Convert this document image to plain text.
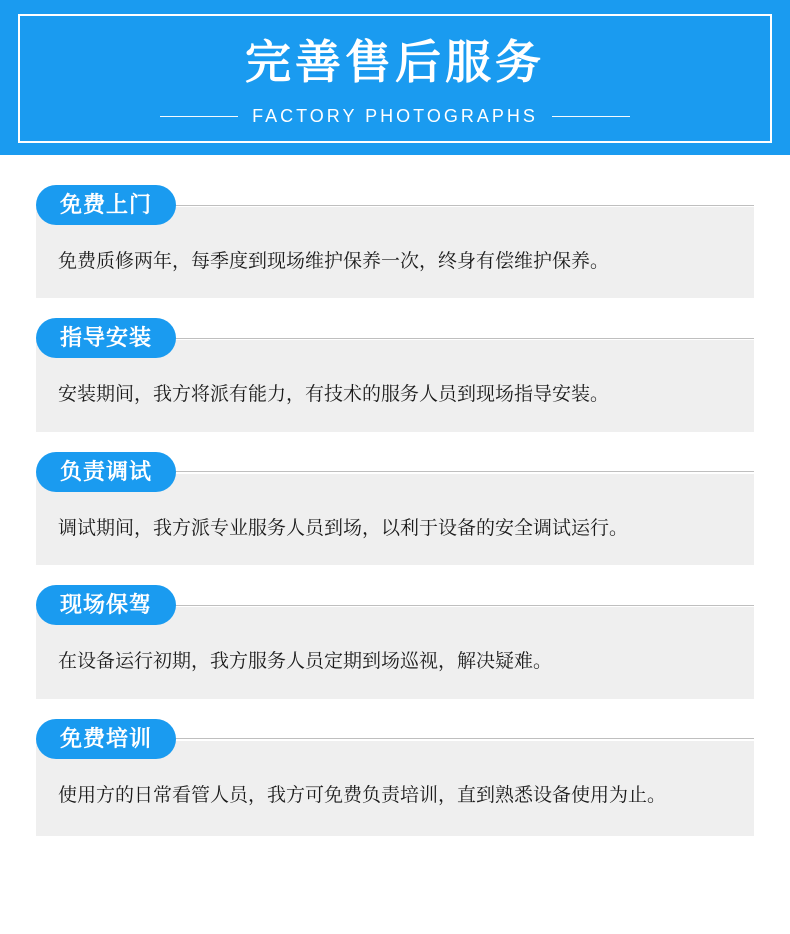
完善售后服务
FACTORY PHOTOGRAPHS
免费上门
免费质修两年，每季度到现场维护保养一次，终身有偿维护保养。
指导安装
安装期间，我方将派有能力，有技术的服务人员到现场指导安装。
负责调试
调试期间，我方派专业服务人员到场，以利于设备的安全调试运行。
现场保驾
在设备运行初期，我方服务人员定期到场巡视，解决疑难。
免费培训
使用方的日常看管人员，我方可免费负责培训，直到熟悉设备使用为止。
